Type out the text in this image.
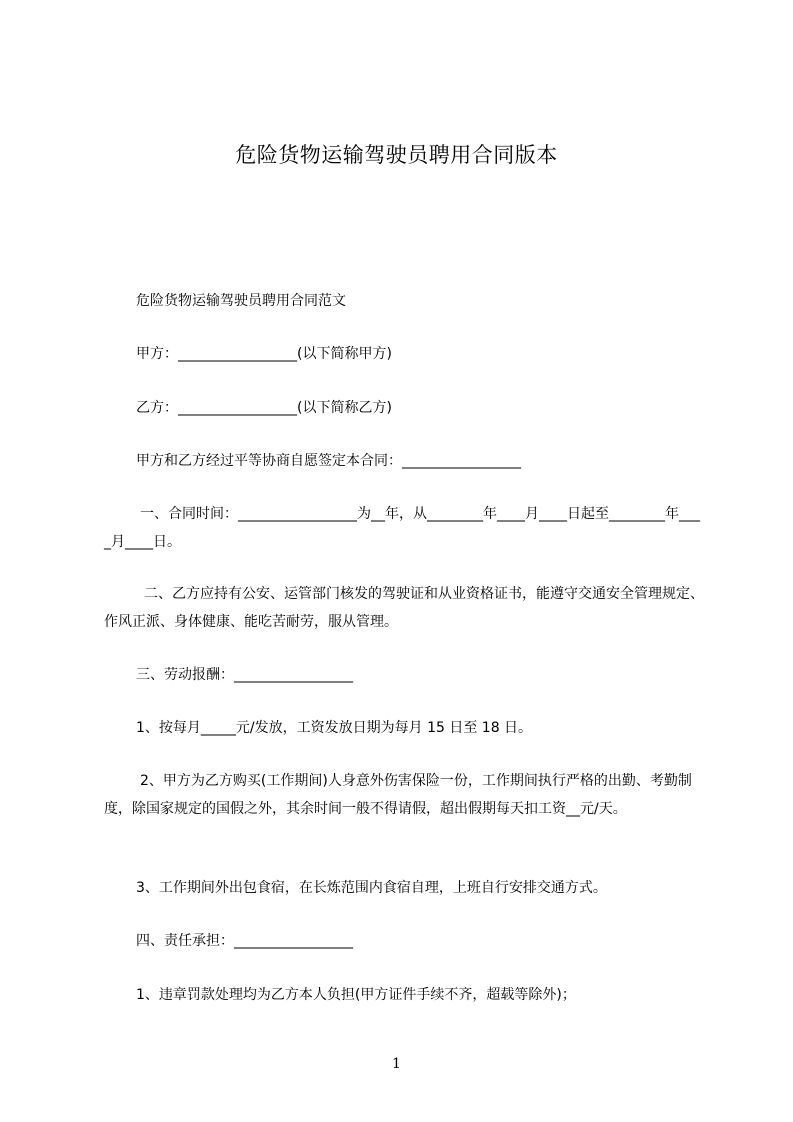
危险货物运输驾驶员聘用合同版本
危险货物运输驾驶员聘用合同范文
甲方：_________________(以下简称甲方)
乙方：_________________(以下简称乙方)
甲方和乙方经过平等协商自愿签定本合同：_________________
一、合同时间：_________________为__年，从________年____月____日起至________年____月____日。
二、乙方应持有公安、运管部门核发的驾驶证和从业资格证书，能遵守交通安全管理规定、作风正派、身体健康、能吃苦耐劳，服从管理。
三、劳动报酬：_________________
1、按每月_____元/发放，工资发放日期为每月 15 日至 18 日。
2、甲方为乙方购买(工作期间)人身意外伤害保险一份，工作期间执行严格的出勤、考勤制度，除国家规定的国假之外，其余时间一般不得请假，超出假期每天扣工资__元/天。
3、工作期间外出包食宿，在长炼范围内食宿自理，上班自行安排交通方式。
四、责任承担：_________________
1、违章罚款处理均为乙方本人负担(甲方证件手续不齐，超载等除外)；
1
